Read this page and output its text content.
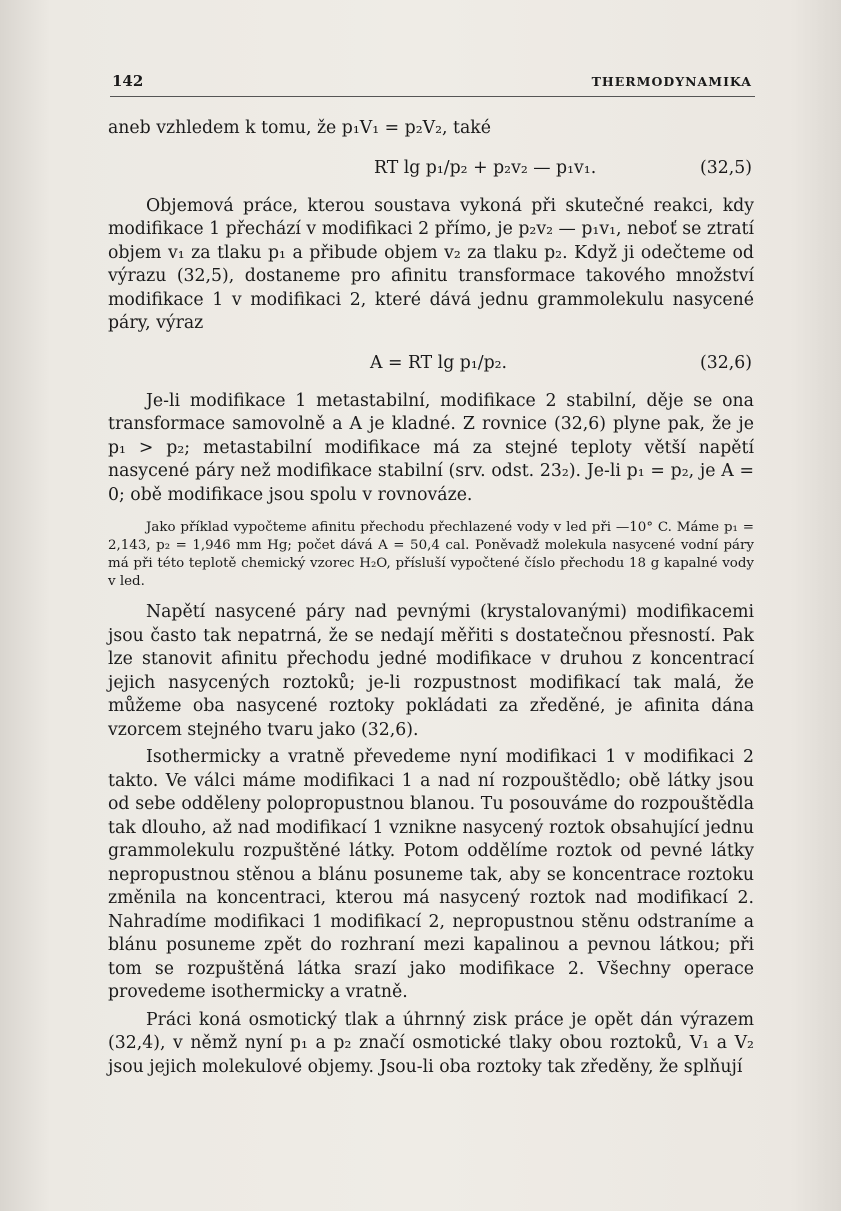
142	THERMODYNAMIKA

aneb vzhledem k tomu, že p₁V₁ = p₂V₂, také

RT lg p₁/p₂ + p₂v₂ — p₁v₁.	(32,5)

Objemová práce, kterou soustava vykoná při skutečné reakci, kdy modifikace 1 přechází v modifikaci 2 přímo, je p₂v₂ — p₁v₁, neboť se ztratí objem v₁ za tlaku p₁ a přibude objem v₂ za tlaku p₂. Když ji odečteme od výrazu (32,5), dostaneme pro afinitu transformace takového množství modifikace 1 v modifikaci 2, které dává jednu grammolekulu nasycené páry, výraz

A = RT lg p₁/p₂.	(32,6)

Je-li modifikace 1 metastabilní, modifikace 2 stabilní, děje se ona transformace samovolně a A je kladné. Z rovnice (32,6) plyne pak, že je p₁ > p₂; metastabilní modifikace má za stejné teploty větší napětí nasycené páry než modifikace stabilní (srv. odst. 23₂). Je-li p₁ = p₂, je A = 0; obě modifikace jsou spolu v rovnováze.

Jako příklad vypočteme afinitu přechodu přechlazené vody v led při —10° C. Máme p₁ = 2,143, p₂ = 1,946 mm Hg; počet dává A = 50,4 cal. Poněvadž molekula nasycené vodní páry má při této teplotě chemický vzorec H₂O, přísluší vypočtené číslo přechodu 18 g kapalné vody v led.

Napětí nasycené páry nad pevnými (krystalovanými) modifikacemi jsou často tak nepatrná, že se nedají měřiti s dostatečnou přesností. Pak lze stanovit afinitu přechodu jedné modifikace v druhou z koncentrací jejich nasycených roztoků; je-li rozpustnost modifikací tak malá, že můžeme oba nasycené roztoky pokládati za zředěné, je afinita dána vzorcem stejného tvaru jako (32,6).

Isothermicky a vratně převedeme nyní modifikaci 1 v modifikaci 2 takto. Ve válci máme modifikaci 1 a nad ní rozpouštědlo; obě látky jsou od sebe odděleny polopropustnou blanou. Tu posouváme do rozpouštědla tak dlouho, až nad modifikací 1 vznikne nasycený roztok obsahující jednu grammolekulu rozpuštěné látky. Potom oddělíme roztok od pevné látky nepropustnou stěnou a blánu posuneme tak, aby se koncentrace roztoku změnila na koncentraci, kterou má nasycený roztok nad modifikací 2. Nahradíme modifikaci 1 modifikací 2, nepropustnou stěnu odstraníme a blánu posuneme zpět do rozhraní mezi kapalinou a pevnou látkou; při tom se rozpuštěná látka srazí jako modifikace 2. Všechny operace provedeme isothermicky a vratně.

Práci koná osmotický tlak a úhrnný zisk práce je opět dán výrazem (32,4), v němž nyní p₁ a p₂ značí osmotické tlaky obou roztoků, V₁ a V₂ jsou jejich molekulové objemy. Jsou-li oba roztoky tak zředěny, že splňují
